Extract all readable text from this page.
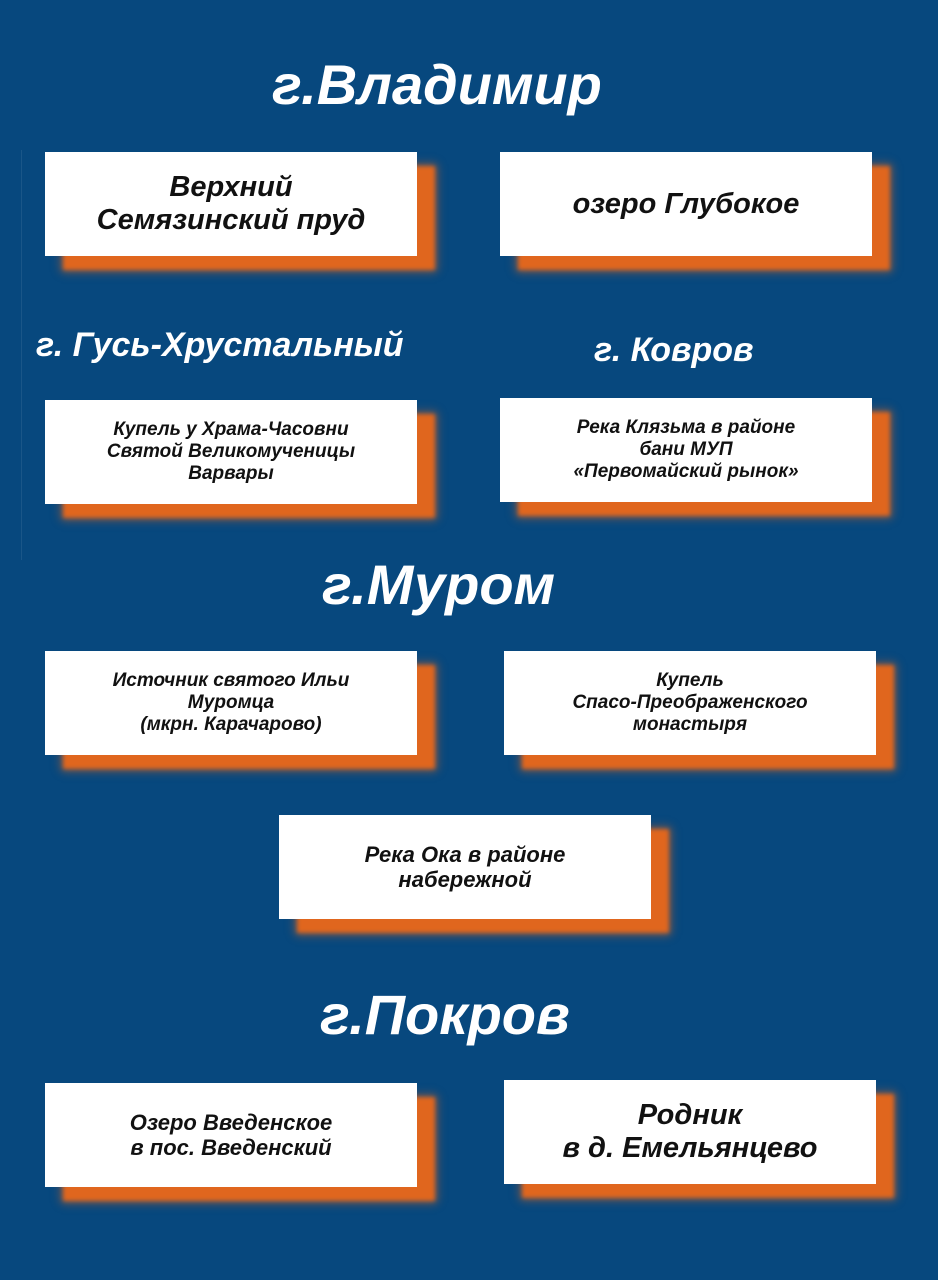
г.Владимир
Верхний
Семязинский пруд
озеро Глубокое
г. Гусь-Хрустальный	г. Ковров
Купель у Храма-Часовни
Святой Великомученицы
Варвары
Река Клязьма в районе
бани МУП
«Первомайский рынок»
г.Муром
Источник святого Ильи
Муромца
(мкрн. Карачарово)
Купель
Спасо-Преображенского
монастыря
Река Ока в районе
набережной
г.Покров
Озеро Введенское
в пос. Введенский
Родник
в д. Емельянцево
